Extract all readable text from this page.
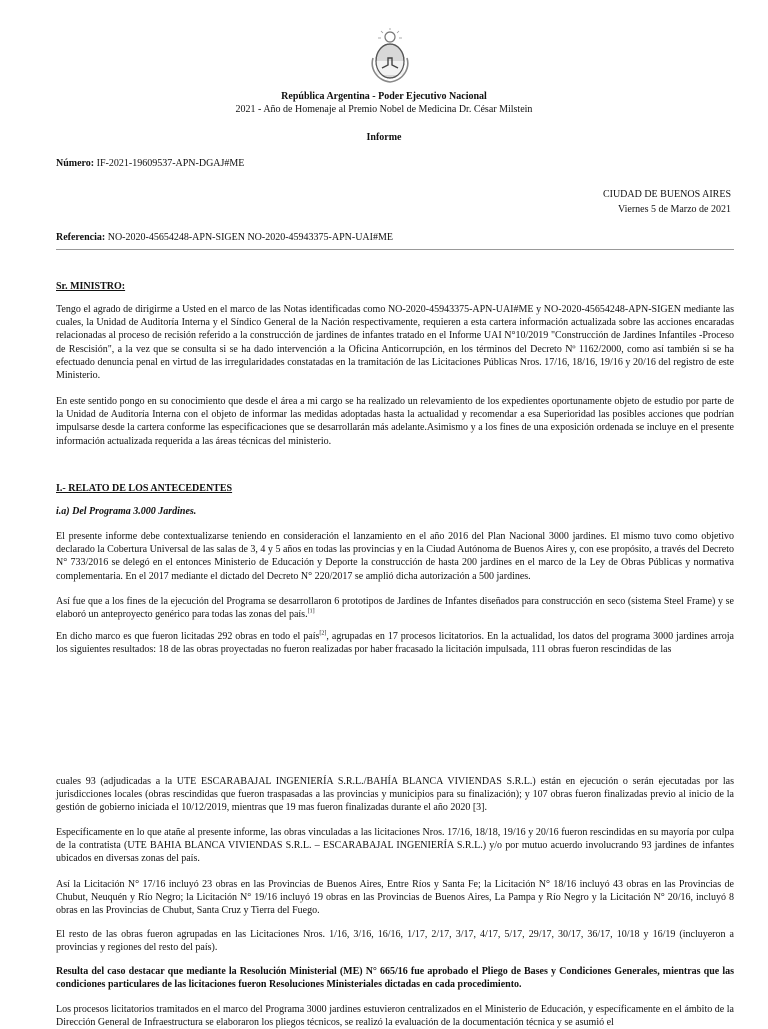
República Argentina - Poder Ejecutivo Nacional
2021 - Año de Homenaje al Premio Nobel de Medicina Dr. César Milstein
Informe
Número: IF-2021-19609537-APN-DGAJ#ME
CIUDAD DE BUENOS AIRES
Viernes 5 de Marzo de 2021
Referencia: NO-2020-45654248-APN-SIGEN NO-2020-45943375-APN-UAI#ME
Sr. MINISTRO:
Tengo el agrado de dirigirme a Usted en el marco de las Notas identificadas como NO-2020-45943375-APN-UAI#ME y NO-2020-45654248-APN-SIGEN mediante las cuales, la Unidad de Auditoría Interna y el Síndico General de la Nación respectivamente, requieren a esta cartera información actualizada sobre las acciones encaradas relacionadas al proceso de recisión referido a la construcción de jardines de infantes tratado en el Informe UAI N°10/2019 "Construcción de Jardines Infantiles -Proceso de Rescisión", a la vez que se consulta si se ha dado intervención a la Oficina Anticorrupción, en los términos del Decreto Nº 1162/2000, como así también si se ha efectuado denuncia penal en virtud de las irregularidades constatadas en la tramitación de las Licitaciones Públicas Nros. 17/16, 18/16, 19/16 y 20/16 del registro de este Ministerio.
En este sentido pongo en su conocimiento que desde el área a mi cargo se ha realizado un relevamiento de los expedientes oportunamente objeto de estudio por parte de la Unidad de Auditoría Interna con el objeto de informar las medidas adoptadas hasta la actualidad y recomendar a esa Superioridad las posibles acciones que podrían impulsarse desde la cartera conforme las especificaciones que se desarrollarán más adelante.Asimismo y a los fines de una exposición ordenada se incluye en el presente información actualizada requerida a las áreas técnicas del ministerio.
I.- RELATO DE LOS ANTECEDENTES
i.a) Del Programa 3.000 Jardines.
El presente informe debe contextualizarse teniendo en consideración el lanzamiento en el año 2016 del Plan Nacional 3000 jardines. El mismo tuvo como objetivo declarado la Cobertura Universal de las salas de 3, 4 y 5 años en todas las provincias y en la Ciudad Autónoma de Buenos Aires y, con ese propósito, a través del Decreto N° 733/2016 se delegó en el entonces Ministerio de Educación y Deporte la construcción de hasta 200 jardines en el marco de la Ley de Obras Públicas y normativa complementaria. En el 2017 mediante el dictado del Decreto N° 220/2017 se amplió dicha autorización a 500 jardines.
Así fue que a los fines de la ejecución del Programa se desarrollaron 6 prototipos de Jardines de Infantes diseñados para construcción en seco (sistema Steel Frame) y se elaboró un anteproyecto genérico para todas las zonas del país.[1]
En dicho marco es que fueron licitadas 292 obras en todo el país[2], agrupadas en 17 procesos licitatorios. En la actualidad, los datos del programa 3000 jardines arroja los siguientes resultados: 18 de las obras proyectadas no fueron realizadas por haber fracasado la licitación impulsada, 111 obras fueron rescindidas de las
cuales 93 (adjudicadas a la UTE ESCARABAJAL INGENIERÍA S.R.L./BAHÍA BLANCA VIVIENDAS S.R.L.) están en ejecución o serán ejecutadas por las jurisdicciones locales (obras rescindidas que fueron traspasadas a las provincias y municipios para su finalización); y 107 obras fueron finalizadas previo al inicio de la gestión de gobierno iniciada el 10/12/2019, mientras que 19 mas fueron finalizadas durante el año 2020 [3].
Específicamente en lo que atañe al presente informe, las obras vinculadas a las licitaciones Nros. 17/16, 18/18, 19/16 y 20/16 fueron rescindidas en su mayoría por culpa de la contratista (UTE BAHIA BLANCA VIVIENDAS S.R.L. – ESCARABAJAL INGENIERÍA S.R.L.) y/o por mutuo acuerdo involucrando 93 jardines de infantes ubicados en diversas zonas del país.
Así la Licitación N° 17/16 incluyó 23 obras en las Provincias de Buenos Aires, Entre Ríos y Santa Fe; la Licitación N° 18/16 incluyó 43 obras en las Provincias de Chubut, Neuquén y Río Negro; la Licitación N° 19/16 incluyó 19 obras en las Provincias de Buenos Aires, La Pampa y Río Negro y la Licitación N° 20/16, incluyó 8 obras en las Provincias de Chubut, Santa Cruz y Tierra del Fuego.
El resto de las obras fueron agrupadas en las Licitaciones Nros. 1/16, 3/16, 16/16, 1/17, 2/17, 3/17, 4/17, 5/17, 29/17, 30/17, 36/17, 10/18 y 16/19 (incluyeron a provincias y regiones del resto del país).
Resulta del caso destacar que mediante la Resolución Ministerial (ME) N° 665/16 fue aprobado el Pliego de Bases y Condiciones Generales, mientras que las condiciones particulares de las licitaciones fueron Resoluciones Ministeriales dictadas en cada procedimiento.
Los procesos licitatorios tramitados en el marco del Programa 3000 jardines estuvieron centralizados en el Ministerio de Educación, y específicamente en el ámbito de la Dirección General de Infraestructura se elaboraron los pliegos técnicos, se realizó la evaluación de la documentación técnica y se asumió el
